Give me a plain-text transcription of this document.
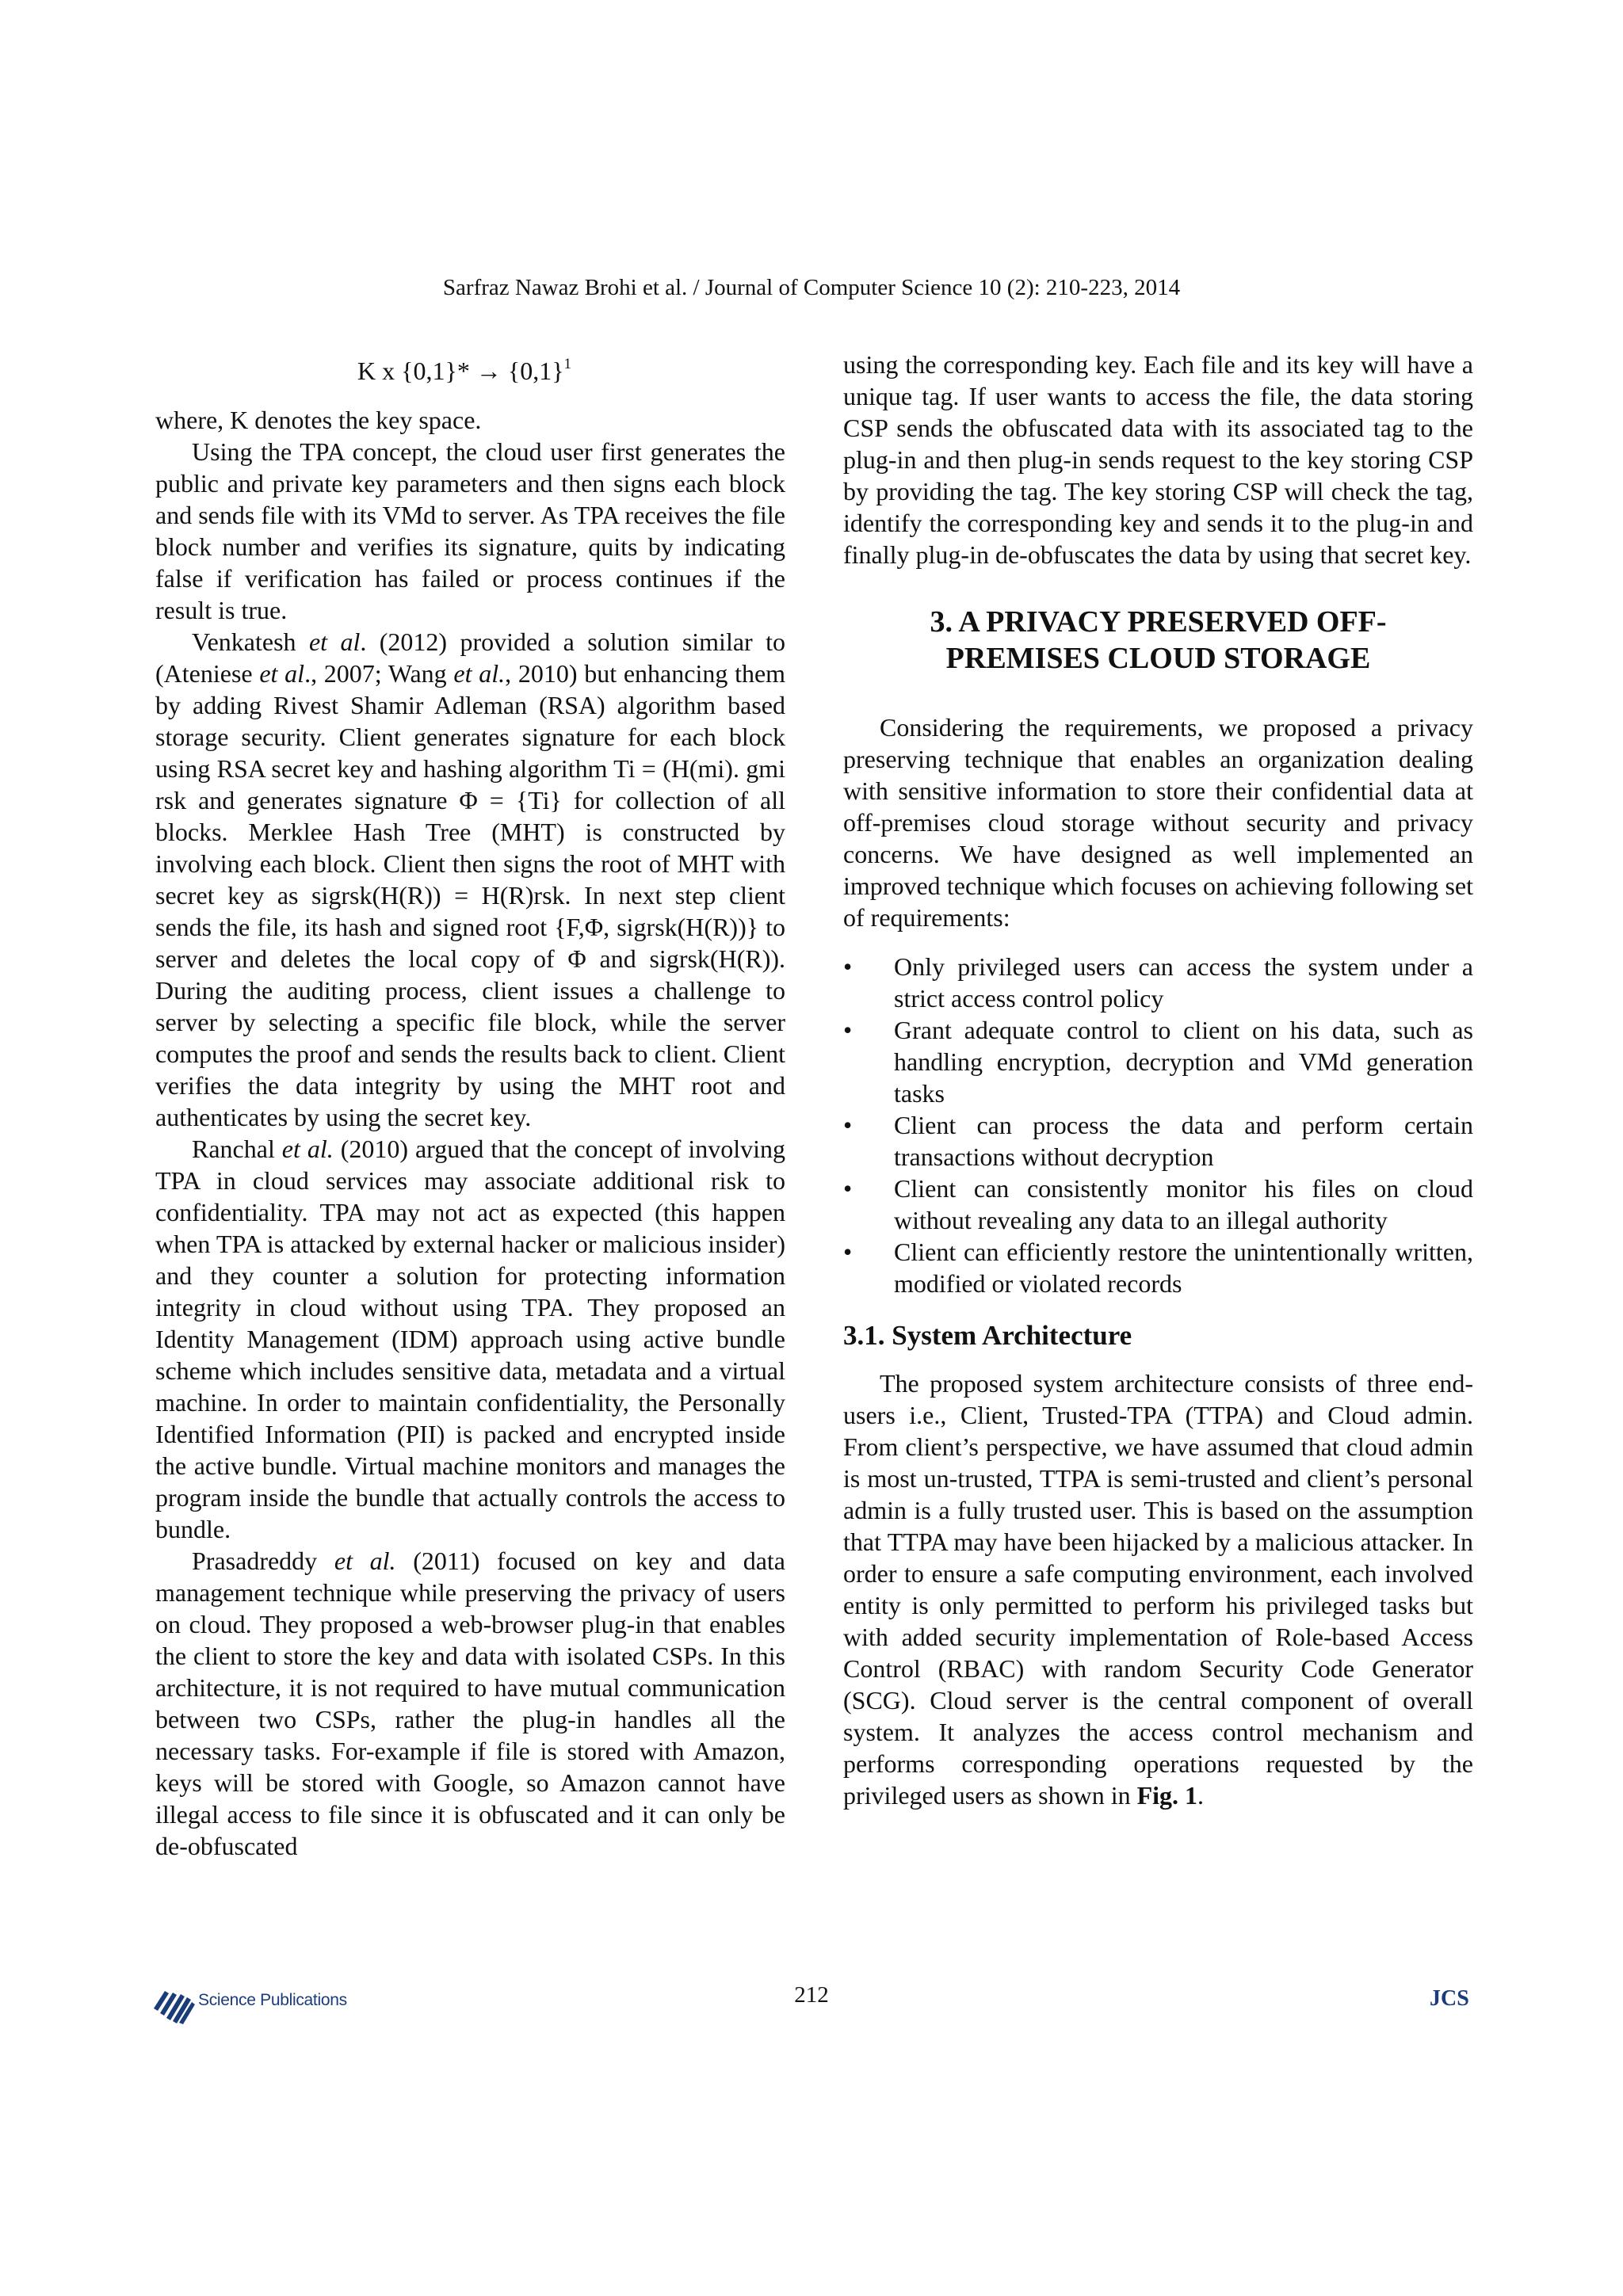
Sarfraz Nawaz Brohi et al. / Journal of Computer Science 10 (2): 210-223, 2014

K x $\{0,1\}* \to \{0,1\}^1$

where, K denotes the key space.

Using the TPA concept, the cloud user first generates the public and private key parameters and then signs each block and sends file with its VMd to server. As TPA receives the file block number and verifies its signature, quits by indicating false if verification has failed or process continues if the result is true.

Venkatesh et al. (2012) provided a solution similar to (Ateniese et al., 2007; Wang et al., 2010) but enhancing them by adding Rivest Shamir Adleman (RSA) algorithm based storage security. Client generates signature for each block using RSA secret key and hashing algorithm Ti = (H(mi). gmi rsk and generates signature Φ = {Ti} for collection of all blocks. Merklee Hash Tree (MHT) is constructed by involving each block. Client then signs the root of MHT with secret key as sigrsk(H(R)) = H(R)rsk. In next step client sends the file, its hash and signed root {F,Φ, sigrsk(H(R))} to server and deletes the local copy of Φ and sigrsk(H(R)). During the auditing process, client issues a challenge to server by selecting a specific file block, while the server computes the proof and sends the results back to client. Client verifies the data integrity by using the MHT root and authenticates by using the secret key.

Ranchal et al. (2010) argued that the concept of involving TPA in cloud services may associate additional risk to confidentiality. TPA may not act as expected (this happen when TPA is attacked by external hacker or malicious insider) and they counter a solution for protecting information integrity in cloud without using TPA. They proposed an Identity Management (IDM) approach using active bundle scheme which includes sensitive data, metadata and a virtual machine. In order to maintain confidentiality, the Personally Identified Information (PII) is packed and encrypted inside the active bundle. Virtual machine monitors and manages the program inside the bundle that actually controls the access to bundle.

Prasadreddy et al. (2011) focused on key and data management technique while preserving the privacy of users on cloud. They proposed a web-browser plug-in that enables the client to store the key and data with isolated CSPs. In this architecture, it is not required to have mutual communication between two CSPs, rather the plug-in handles all the necessary tasks. For-example if file is stored with Amazon, keys will be stored with Google, so Amazon cannot have illegal access to file since it is obfuscated and it can only be de-obfuscated

using the corresponding key. Each file and its key will have a unique tag. If user wants to access the file, the data storing CSP sends the obfuscated data with its associated tag to the plug-in and then plug-in sends request to the key storing CSP by providing the tag. The key storing CSP will check the tag, identify the corresponding key and sends it to the plug-in and finally plug-in de-obfuscates the data by using that secret key.

3. A PRIVACY PRESERVED OFF-PREMISES CLOUD STORAGE

Considering the requirements, we proposed a privacy preserving technique that enables an organization dealing with sensitive information to store their confidential data at off-premises cloud storage without security and privacy concerns. We have designed as well implemented an improved technique which focuses on achieving following set of requirements:

• Only privileged users can access the system under a strict access control policy
• Grant adequate control to client on his data, such as handling encryption, decryption and VMd generation tasks
• Client can process the data and perform certain transactions without decryption
• Client can consistently monitor his files on cloud without revealing any data to an illegal authority
• Client can efficiently restore the unintentionally written, modified or violated records
3.1. System Architecture

The proposed system architecture consists of three end-users i.e., Client, Trusted-TPA (TTPA) and Cloud admin. From client’s perspective, we have assumed that cloud admin is most un-trusted, TTPA is semi-trusted and client’s personal admin is a fully trusted user. This is based on the assumption that TTPA may have been hijacked by a malicious attacker. In order to ensure a safe computing environment, each involved entity is only permitted to perform his privileged tasks but with added security implementation of Role-based Access Control (RBAC) with random Security Code Generator (SCG). Cloud server is the central component of overall system. It analyzes the access control mechanism and performs corresponding operations requested by the privileged users as shown in Fig. 1.

Science Publications	212	JCS
